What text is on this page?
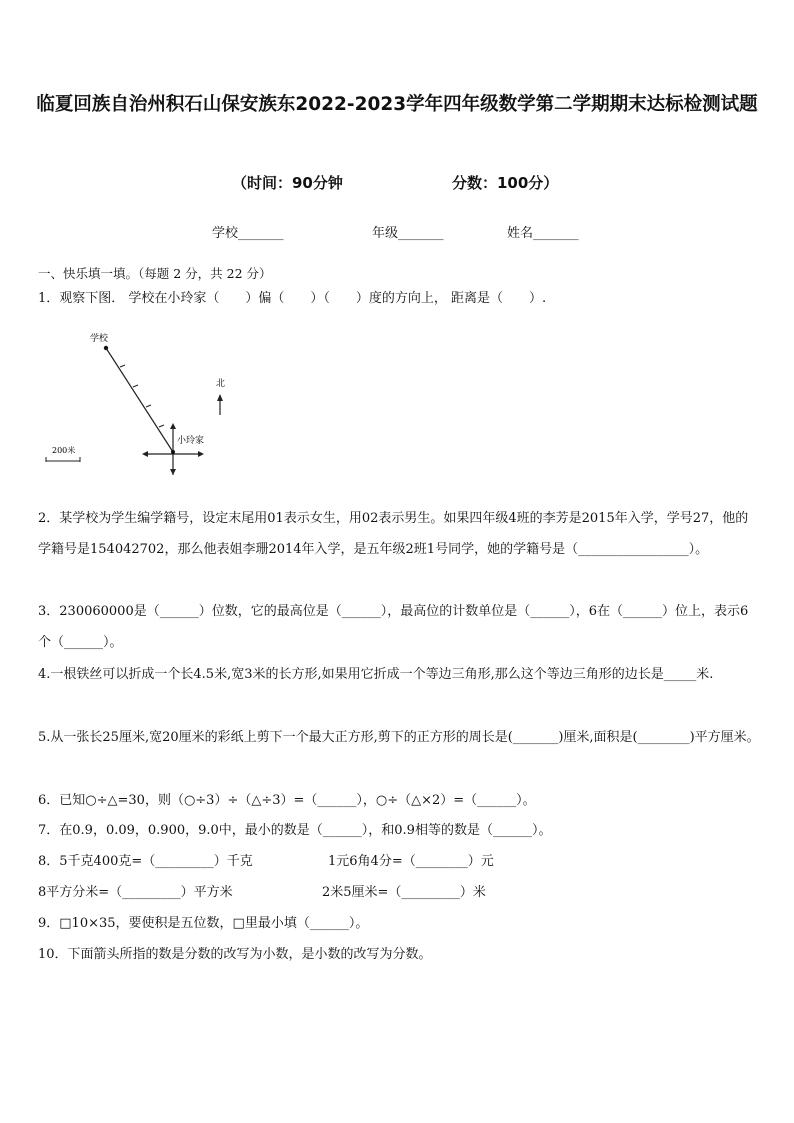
临夏回族自治州积石山保安族东2022-2023学年四年级数学第二学期期末达标检测试题
（时间：90分钟	分数：100分）
学校_______	年级_______	姓名_______
一、快乐填一填。（每题 2 分，共 22 分）
1．观察下图． 学校在小玲家（　　）偏（　　）（　　）度的方向上， 距离是（　　）.
学校
小玲家
北
200米
2．某学校为学生编学籍号，设定末尾用01表示女生，用02表示男生。如果四年级4班的李芳是2015年入学，学号27，他的学籍号是154042702，那么他表姐李珊2014年入学，是五年级2班1号同学，她的学籍号是（_________________）。
3．230060000是（______）位数，它的最高位是（______），最高位的计数单位是（______），6在（______）位上，表示6个（______）。
4.一根铁丝可以折成一个长4.5米,宽3米的长方形,如果用它折成一个等边三角形,那么这个等边三角形的边长是_____米.
5.从一张长25厘米,宽20厘米的彩纸上剪下一个最大正方形,剪下的正方形的周长是(_______)厘米,面积是(________)平方厘米。
6．已知○÷△=30，则（○÷3）÷（△÷3）=（______），○÷（△×2）=（______）。
7．在0.9，0.09，0.900，9.0中，最小的数是（______），和0.9相等的数是（______）。
8．5千克400克=（_________）千克	1元6角4分=（________）元
8平方分米=（_________）平方米	2米5厘米=（_________）米
9．□10×35，要使积是五位数，□里最小填（______）。
10．下面箭头所指的数是分数的改写为小数，是小数的改写为分数。
